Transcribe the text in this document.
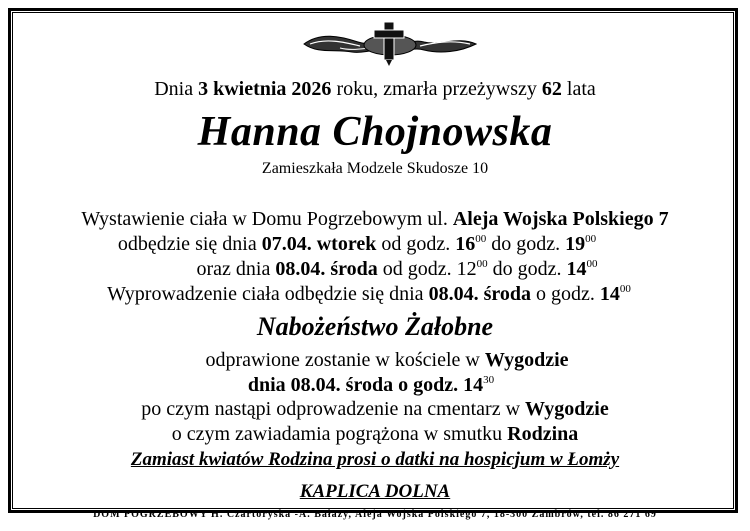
Dnia 3 kwietnia 2026 roku, zmarła przeżywszy 62 lata
Hanna Chojnowska
Zamieszkała Modzele Skudosze 10
Wystawienie ciała w Domu Pogrzebowym ul. Aleja Wojska Polskiego 7
odbędzie się dnia 07.04. wtorek od godz. $16^{00}$ do godz. $19^{00}$
oraz dnia 08.04. środa od godz. $12^{00}$ do godz. $14^{00}$
Wyprowadzenie ciała odbędzie się dnia 08.04. środa o godz. $14^{00}$
Nabożeństwo Żałobne
odprawione zostanie w kościele w Wygodzie
dnia 08.04. środa o godz. $14^{30}$
po czym nastąpi odprowadzenie na cmentarz w Wygodzie
o czym zawiadamia pogrążona w smutku Rodzina
Zamiast kwiatów Rodzina prosi o datki na hospicjum w Łomży
KAPLICA DOLNA
DOM POGRZEBOWY H. Czartoryska -A. Bałazy, Aleja Wojska Polskiego 7, 18-300 Zambrów, tel. 86 271 69
